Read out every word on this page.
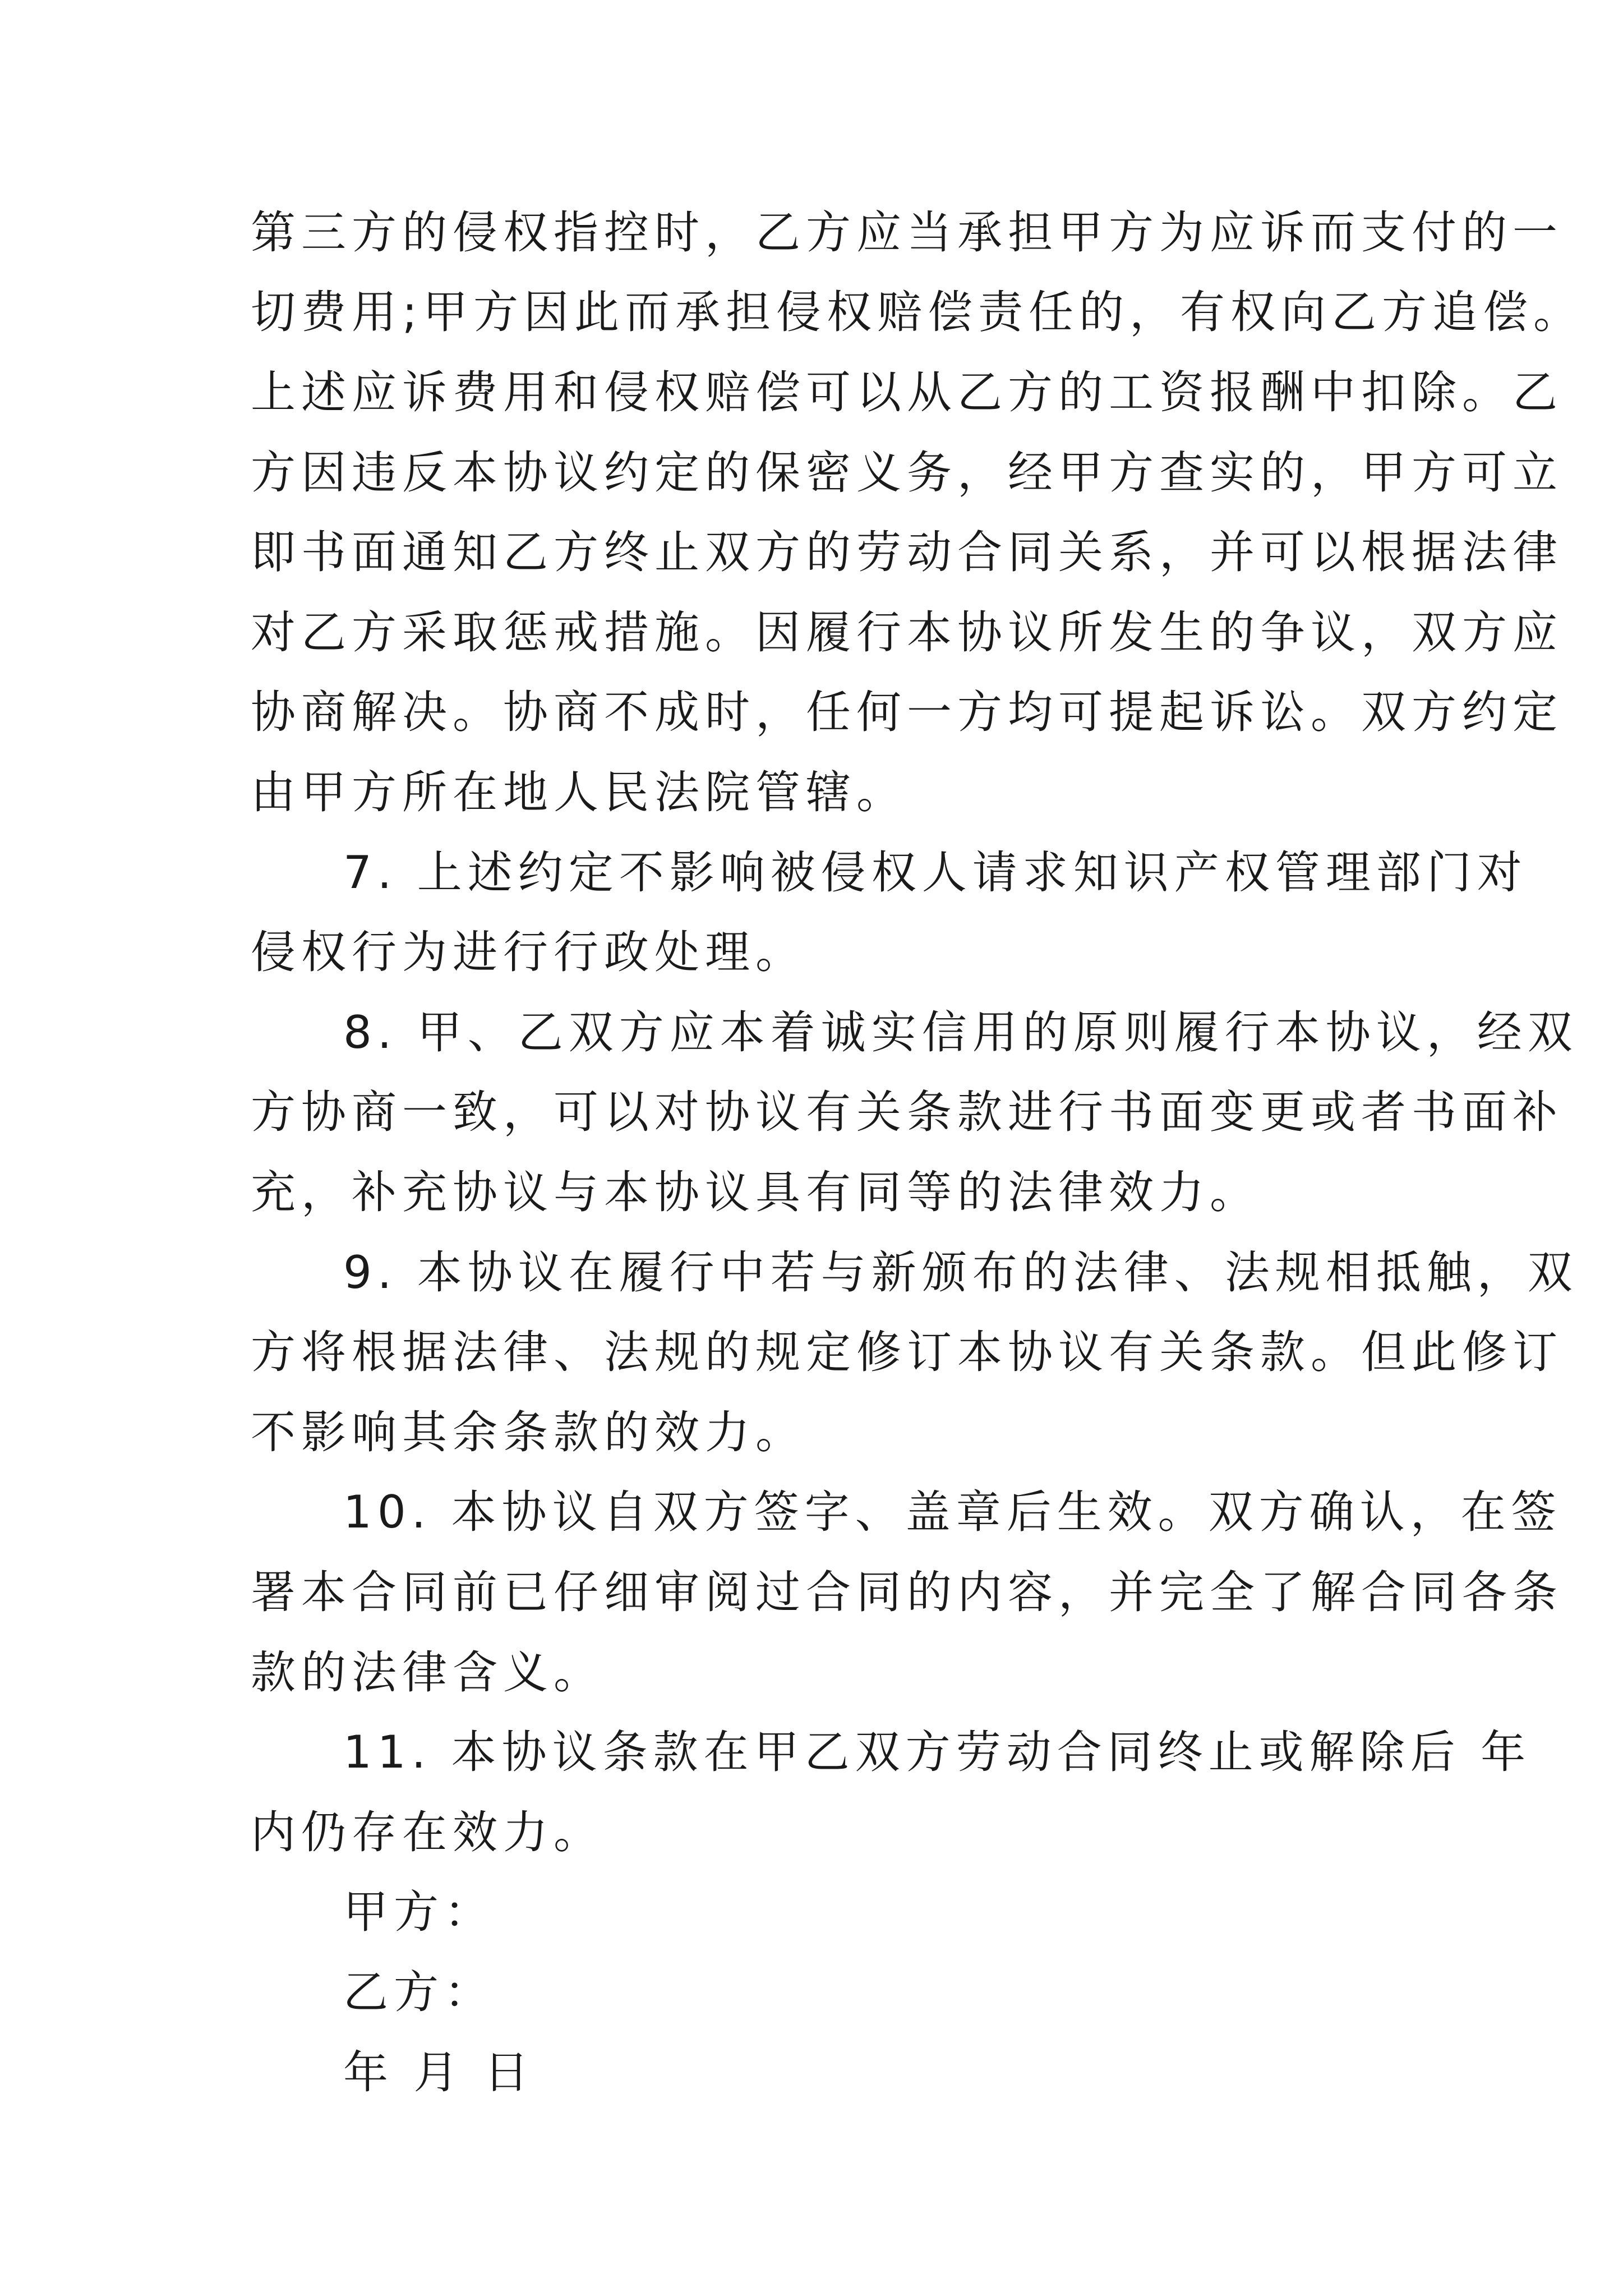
第三方的侵权指控时，乙方应当承担甲方为应诉而支付的一
切费用;甲方因此而承担侵权赔偿责任的，有权向乙方追偿。
上述应诉费用和侵权赔偿可以从乙方的工资报酬中扣除。乙
方因违反本协议约定的保密义务，经甲方查实的，甲方可立
即书面通知乙方终止双方的劳动合同关系，并可以根据法律
对乙方采取惩戒措施。因履行本协议所发生的争议，双方应
协商解决。协商不成时，任何一方均可提起诉讼。双方约定
由甲方所在地人民法院管辖。
7. 上述约定不影响被侵权人请求知识产权管理部门对
侵权行为进行行政处理。
8. 甲、乙双方应本着诚实信用的原则履行本协议，经双
方协商一致，可以对协议有关条款进行书面变更或者书面补
充，补充协议与本协议具有同等的法律效力。
9. 本协议在履行中若与新颁布的法律、法规相抵触，双
方将根据法律、法规的规定修订本协议有关条款。但此修订
不影响其余条款的效力。
10. 本协议自双方签字、盖章后生效。双方确认，在签
署本合同前已仔细审阅过合同的内容，并完全了解合同各条
款的法律含义。
11. 本协议条款在甲乙双方劳动合同终止或解除后 年
内仍存在效力。
甲方：
乙方：
年 月 日
